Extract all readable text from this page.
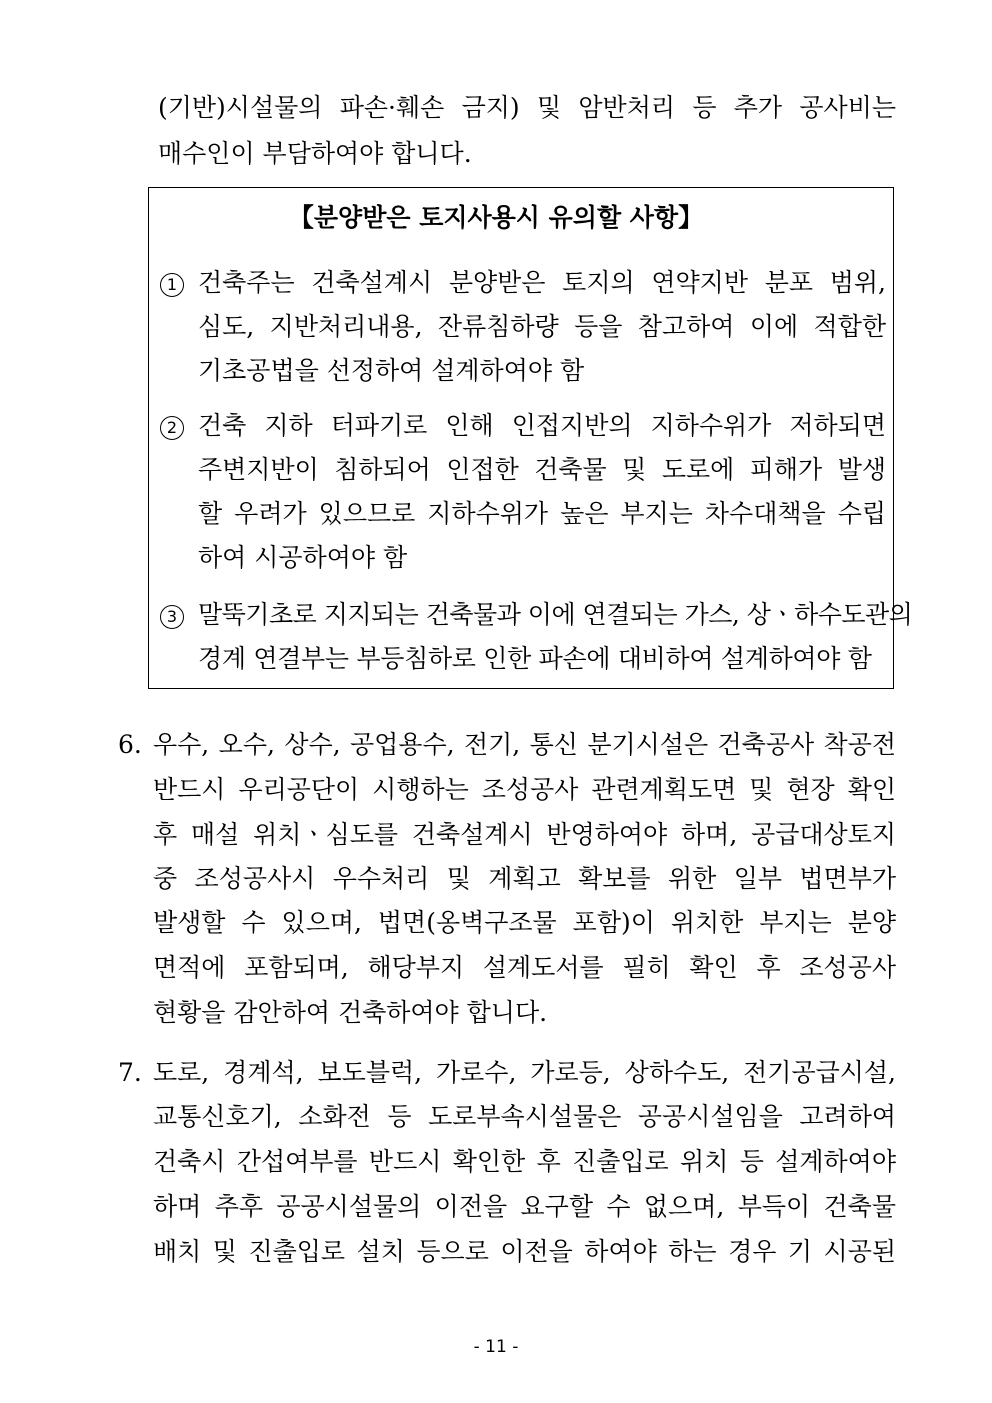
(기반)시설물의 파손·훼손 금지) 및 암반처리 등 추가 공사비는
매수인이 부담하여야 합니다.
【분양받은 토지사용시 유의할 사항】
1 건축주는 건축설계시 분양받은 토지의 연약지반 분포 범위,
심도, 지반처리내용, 잔류침하량 등을 참고하여 이에 적합한
기초공법을 선정하여 설계하여야 함
2 건축 지하 터파기로 인해 인접지반의 지하수위가 저하되면
주변지반이 침하되어 인접한 건축물 및 도로에 피해가 발생
할 우려가 있으므로 지하수위가 높은 부지는 차수대책을 수립
하여 시공하여야 함
3 말뚝기초로 지지되는 건축물과 이에 연결되는 가스, 상ㆍ하수도관의
경계 연결부는 부등침하로 인한 파손에 대비하여 설계하여야 함
6. 우수, 오수, 상수, 공업용수, 전기, 통신 분기시설은 건축공사 착공전
반드시 우리공단이 시행하는 조성공사 관련계획도면 및 현장 확인
후 매설 위치ㆍ심도를 건축설계시 반영하여야 하며, 공급대상토지
중 조성공사시 우수처리 및 계획고 확보를 위한 일부 법면부가
발생할 수 있으며, 법면(옹벽구조물 포함)이 위치한 부지는 분양
면적에 포함되며, 해당부지 설계도서를 필히 확인 후 조성공사
현황을 감안하여 건축하여야 합니다.
7. 도로, 경계석, 보도블럭, 가로수, 가로등, 상하수도, 전기공급시설,
교통신호기, 소화전 등 도로부속시설물은 공공시설임을 고려하여
건축시 간섭여부를 반드시 확인한 후 진출입로 위치 등 설계하여야
하며 추후 공공시설물의 이전을 요구할 수 없으며, 부득이 건축물
배치 및 진출입로 설치 등으로 이전을 하여야 하는 경우 기 시공된
- 11 -
